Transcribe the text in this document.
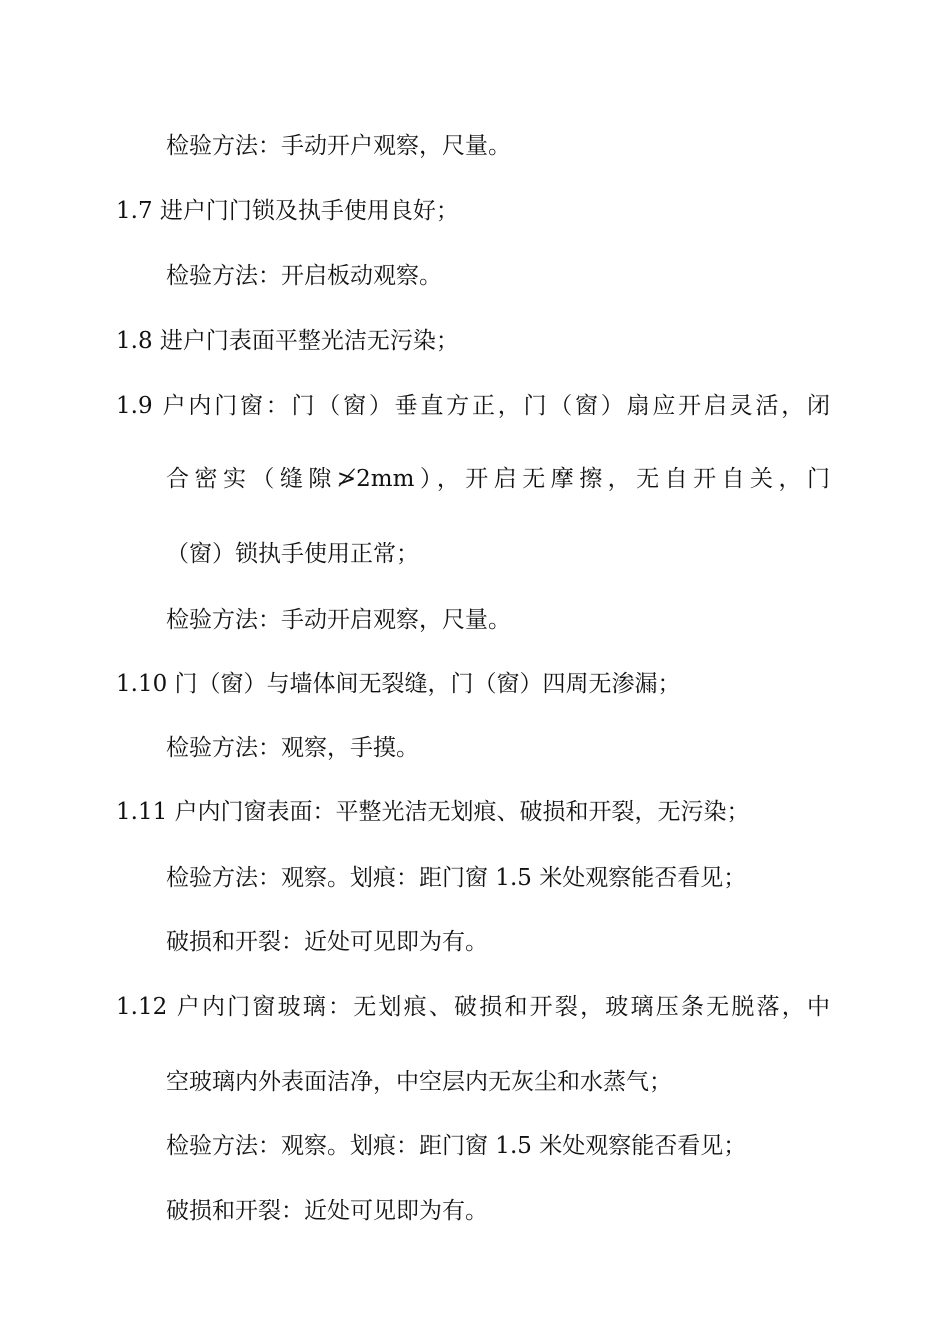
检验方法：手动开户观察，尺量。
1.7 进户门门锁及执手使用良好；
检验方法：开启板动观察。
1.8 进户门表面平整光洁无污染；
1.9 户内门窗：门（窗）垂直方正，门（窗）扇应开启灵活，闭
合密实（缝隙≯2mm），开启无摩擦，无自开自关，门
（窗）锁执手使用正常；
检验方法：手动开启观察，尺量。
1.10 门（窗）与墙体间无裂缝，门（窗）四周无渗漏；
检验方法：观察，手摸。
1.11 户内门窗表面：平整光洁无划痕、破损和开裂，无污染；
检验方法：观察。划痕：距门窗 1.5 米处观察能否看见；
破损和开裂：近处可见即为有。
1.12 户内门窗玻璃：无划痕、破损和开裂，玻璃压条无脱落，中
空玻璃内外表面洁净，中空层内无灰尘和水蒸气；
检验方法：观察。划痕：距门窗 1.5 米处观察能否看见；
破损和开裂：近处可见即为有。
